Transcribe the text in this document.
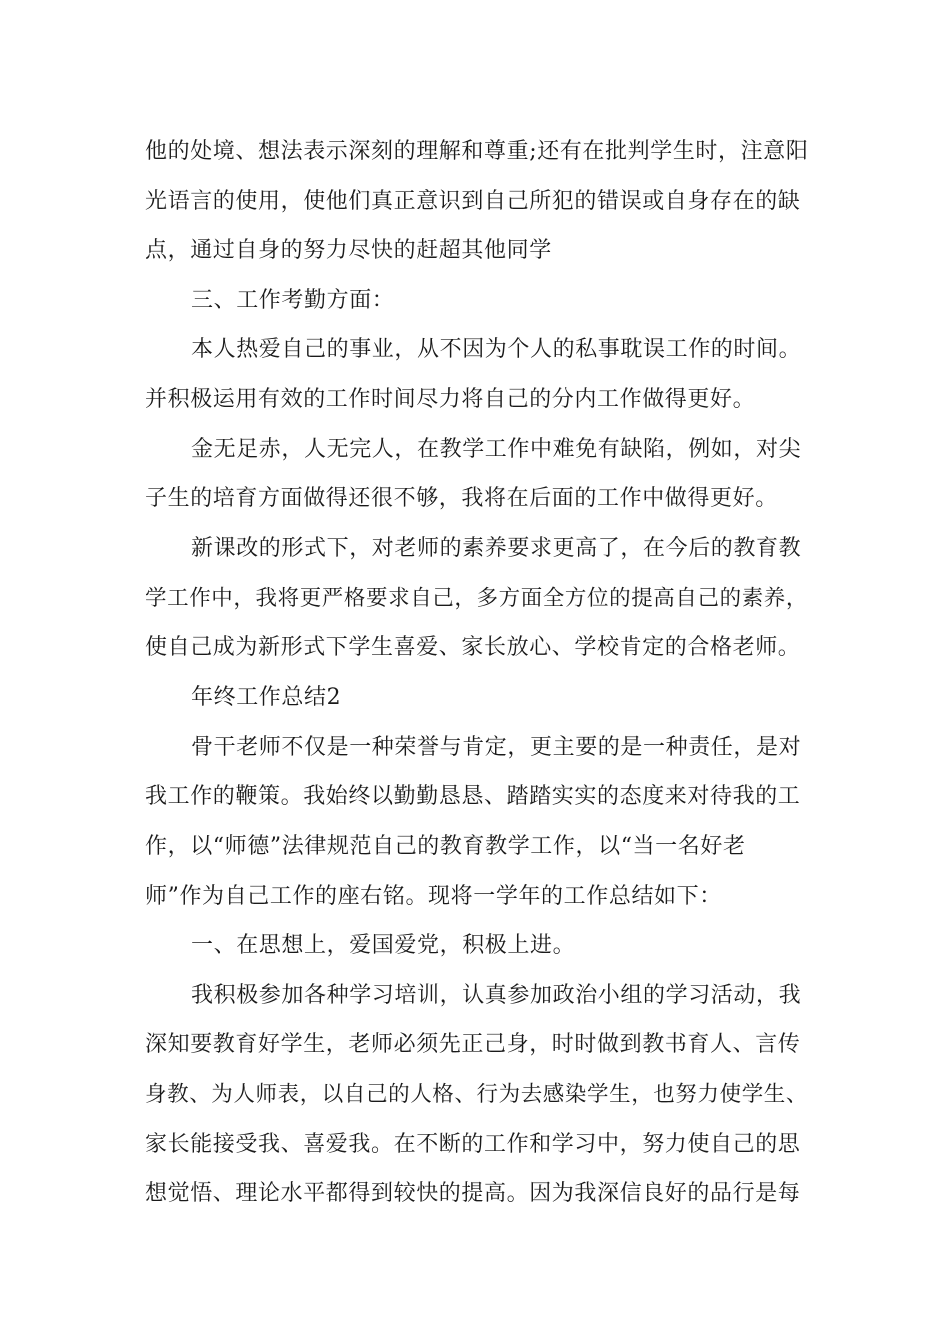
他的处境、想法表示深刻的理解和尊重;还有在批判学生时，注意阳
光语言的使用，使他们真正意识到自己所犯的错误或自身存在的缺
点，通过自身的努力尽快的赶超其他同学
三、工作考勤方面：
本人热爱自己的事业，从不因为个人的私事耽误工作的时间。
并积极运用有效的工作时间尽力将自己的分内工作做得更好。
金无足赤，人无完人，在教学工作中难免有缺陷，例如，对尖
子生的培育方面做得还很不够，我将在后面的工作中做得更好。
新课改的形式下，对老师的素养要求更高了，在今后的教育教
学工作中，我将更严格要求自己，多方面全方位的提高自己的素养，
使自己成为新形式下学生喜爱、家长放心、学校肯定的合格老师。
年终工作总结2
骨干老师不仅是一种荣誉与肯定，更主要的是一种责任，是对
我工作的鞭策。我始终以勤勤恳恳、踏踏实实的态度来对待我的工
作，以“师德”法律规范自己的教育教学工作，以“当一名好老
师”作为自己工作的座右铭。现将一学年的工作总结如下：
一、在思想上，爱国爱党，积极上进。
我积极参加各种学习培训，认真参加政治小组的学习活动，我
深知要教育好学生，老师必须先正己身，时时做到教书育人、言传
身教、为人师表，以自己的人格、行为去感染学生，也努力使学生、
家长能接受我、喜爱我。在不断的工作和学习中，努力使自己的思
想觉悟、理论水平都得到较快的提高。因为我深信良好的品行是每
